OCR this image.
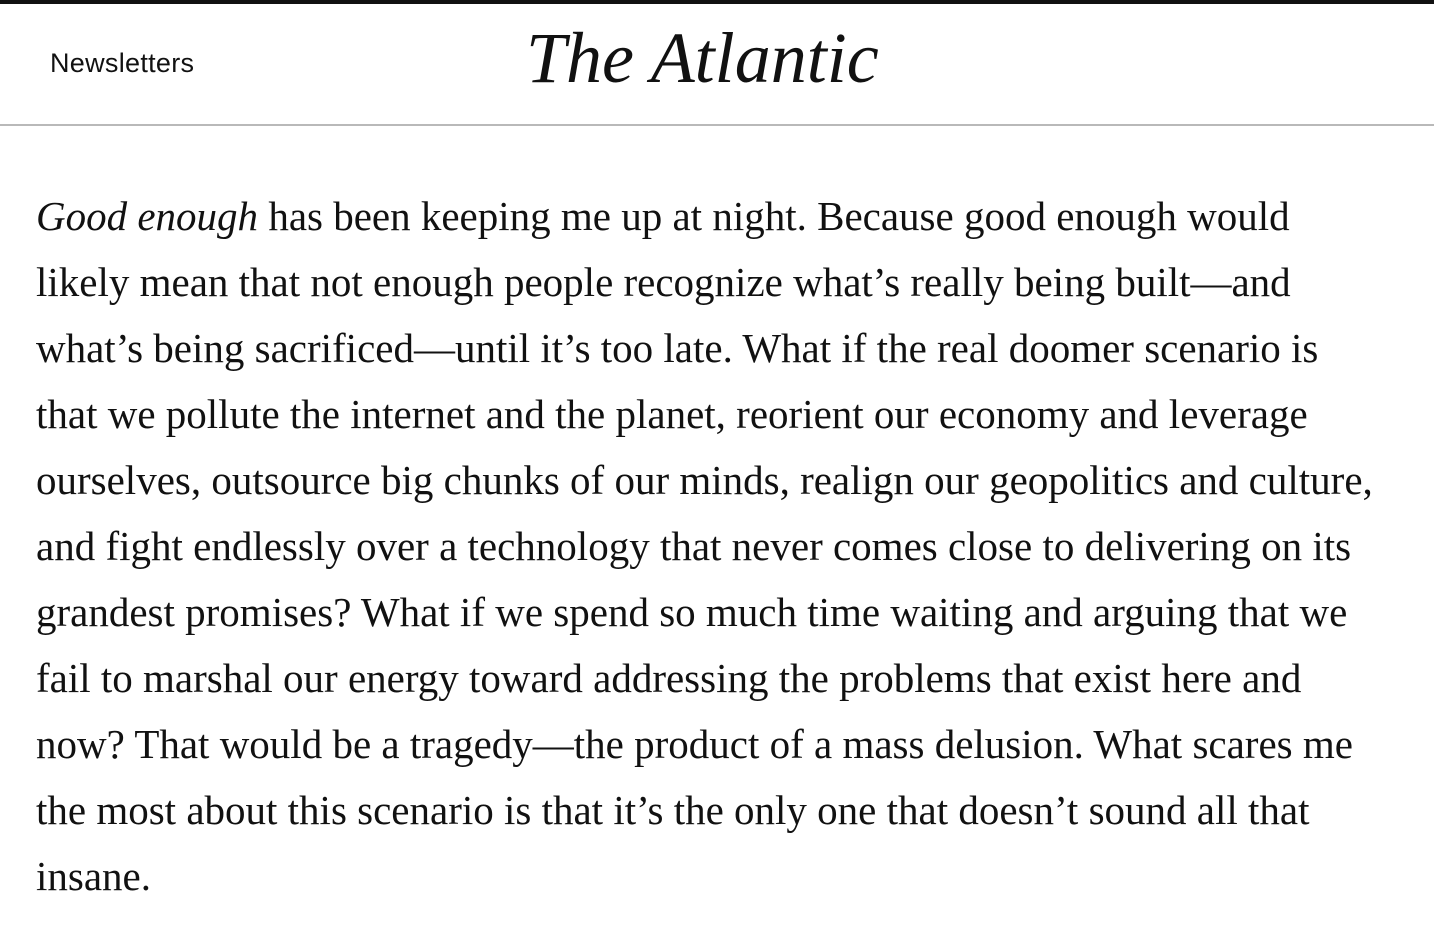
Newsletters	The Atlantic

Good enough has been keeping me up at night. Because good enough would likely mean that not enough people recognize what’s really being built—and what’s being sacrificed—until it’s too late. What if the real doomer scenario is that we pollute the internet and the planet, reorient our economy and leverage ourselves, outsource big chunks of our minds, realign our geopolitics and culture, and fight endlessly over a technology that never comes close to delivering on its grandest promises? What if we spend so much time waiting and arguing that we fail to marshal our energy toward addressing the problems that exist here and now? That would be a tragedy—the product of a mass delusion. What scares me the most about this scenario is that it’s the only one that doesn’t sound all that insane.
